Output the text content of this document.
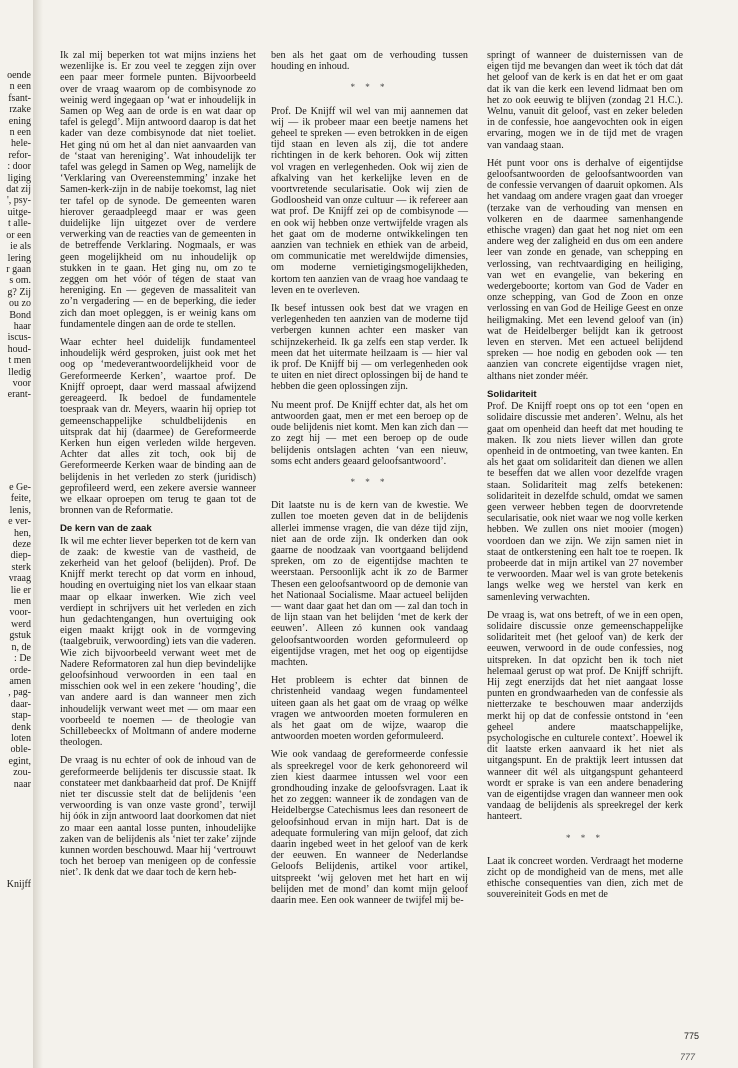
oende
n een
fsant-
rzake
ening
n een
hele-
refor-
: door
liging
dat zij
', psy-
uitge-
t alle-
or een
ie als
lering
r gaan
s om.
g? Zij
ou zo
Bond
haar
iscus-
houd-
t men
lledig
voor
erant-
e Ge-
feite,
lenis,
e ver-
hen,
deze
diep-
sterk
vraag
lie er
men
voor-
werd
gstuk
n, de
: De
orde-
amen
, pag-
daar-
stap-
denk
loten
oble-
egint,
zou-
naar
Knijff

Ik zal mij beperken tot wat mijns inziens het wezenlijke is. Er zou veel te zeggen zijn over een paar meer formele punten. Bijvoorbeeld over de vraag waarom op de combisynode zo weinig werd ingegaan op ‘wat er inhoudelijk in Samen op Weg aan de orde is en wat daar op tafel is gelegd’. Mijn antwoord daarop is dat het kader van deze combisynode dat niet toeliet. Het ging nú om het al dan niet aanvaarden van de ‘staat van hereniging’. Wat inhoudelijk ter tafel was gelegd in Samen op Weg, namelijk de ‘Verklaring van Overeenstemming’ inzake het Samen-kerk-zijn in de nabije toekomst, lag niet ter tafel op de synode. De gemeenten waren hierover geraadpleegd maar er was geen duidelijke lijn uitgezet over de verdere verwerking van de reacties van de gemeenten in de betreffende Verklaring. Nogmaals, er was geen mogelijkheid om nu inhoudelijk op stukken in te gaan. Het ging nu, om zo te zeggen om het vóór of tégen de staat van hereniging. En — gegeven de massaliteit van zo’n vergadering — en de beperking, die ieder zich dan moet opleggen, is er weinig kans om fundamentele dingen aan de orde te stellen.

Waar echter heel duidelijk fundamenteel inhoudelijk wérd gesproken, juist ook met het oog op ‘medeverantwoordelijkheid voor de Gereformeerde Kerken’, waartoe prof. De Knijff oproept, daar werd massaal afwijzend gereageerd. Ik bedoel de fundamentele toespraak van dr. Meyers, waarin hij opriep tot gemeenschappelijke schuldbelijdenis en uitsprak dat hij (daarmee) de Gereformeerde Kerken hun eigen verleden wilde hergeven. Achter dat alles zit toch, ook bij de Gereformeerde Kerken waar de binding aan de belijdenis in het verleden zo sterk (juridisch) geprofileerd werd, een zekere aversie wanneer we elkaar oproepen om terug te gaan tot de bronnen van de Reformatie.

De kern van de zaak

Ik wil me echter liever beperken tot de kern van de zaak: de kwestie van de vastheid, de zekerheid van het geloof (belijden). Prof. De Knijff merkt terecht op dat vorm en inhoud, houding en overtuiging niet los van elkaar staan maar op elkaar inwerken. Wie zich veel verdiept in schrijvers uit het verleden en zich hun gedachtengangen, hun overtuiging ook eigen maakt krijgt ook in de vormgeving (taalgebruik, verwoording) iets van die vaderen. Wie zich bijvoorbeeld verwant weet met de Nadere Reformatoren zal hun diep bevindelijke geloofsinhoud verwoorden in een taal en misschien ook wel in een zekere ‘houding’, die van andere aard is dan wanneer men zich inhoudelijk verwant weet met — om maar een voorbeeld te noemen — de theologie van Schillebeeckx of Moltmann of andere moderne theologen.

De vraag is nu echter of ook de inhoud van de gereformeerde belijdenis ter discussie staat. Ik constateer met dankbaarheid dat prof. De Knijff niet ter discussie stelt dat de belijdenis ‘een verwoording is van onze vaste grond’, terwijl hij óók in zijn antwoord laat doorkomen dat niet zo maar een aantal losse punten, inhoudelijke zaken van de belijdenis als ‘niet ter zake’ zijnde kunnen worden beschouwd. Maar hij ‘vertrouwt toch het beroep van menigeen op de confessie niet’. Ik denk dat we daar toch de kern heb-

ben als het gaat om de verhouding tussen houding en inhoud.

* * *

Prof. De Knijff wil wel van mij aannemen dat wij — ik probeer maar een beetje namens het geheel te spreken — even betrokken in de eigen tijd staan en leven als zij, die tot andere richtingen in de kerk behoren. Ook wij zitten vol vragen en verlegenheden. Ook wij zien de afkalving van het kerkelijke leven en de voortvretende secularisatie. Ook wij zien de Godloosheid van onze cultuur — ik refereer aan wat prof. De Knijff zei op de combisynode — en ook wij hebben onze vertwijfelde vragen als het gaat om de moderne ontwikkelingen ten aanzien van techniek en ethiek van de arbeid, om communicatie met wereldwijde dimensies, om moderne vernietigingsmogelijkheden, kortom ten aanzien van de vraag hoe vandaag te leven en te overleven.

Ik besef intussen ook best dat we vragen en verlegenheden ten aanzien van de moderne tijd verbergen kunnen achter een masker van schijnzekerheid. Ik ga zelfs een stap verder. Ik meen dat het uitermate heilzaam is — hier val ik prof. De Knijff bij — om verlegenheden ook te uiten en niet direct oplossingen bij de hand te hebben die geen oplossingen zijn.

Nu meent prof. De Knijff echter dat, als het om antwoorden gaat, men er met een beroep op de oude belijdenis niet komt. Men kan zich dan — zo zegt hij — met een beroep op de oude belijdenis ontslagen achten ‘van een nieuw, soms echt anders geaard geloofsantwoord’.

* * *

Dit laatste nu is de kern van de kwestie. We zullen toe moeten geven dat in de belijdenis allerlei immense vragen, die van déze tijd zijn, niet aan de orde zijn. Ik onderken dan ook gaarne de noodzaak van voortgaand belijdend spreken, om zo de eigentijdse machten te weerstaan. Persoonlijk acht ik zo de Barmer Thesen een geloofsantwoord op de demonie van het Nationaal Socialisme. Maar actueel belijden — want daar gaat het dan om — zal dan toch in de lijn staan van het belijden ‘met de kerk der eeuwen’. Alleen zó kunnen ook vandaag geloofsantwoorden worden geformuleerd op eigentijdse vragen, met het oog op eigentijdse machten.

Het probleem is echter dat binnen de christenheid vandaag wegen fundamenteel uiteen gaan als het gaat om de vraag op wélke vragen we antwoorden moeten formuleren en als het gaat om de wijze, waarop die antwoorden moeten worden geformuleerd.

Wie ook vandaag de gereformeerde confessie als spreekregel voor de kerk gehonoreerd wil zien kiest daarmee intussen wel voor een grondhouding inzake de geloofsvragen. Laat ik het zo zeggen: wanneer ik de zondagen van de Heidelbergse Catechismus lees dan resoneert de geloofsinhoud ervan in mijn hart. Dat is de adequate formulering van mijn geloof, dat zich daarin ingebed weet in het geloof van de kerk der eeuwen. En wanneer de Nederlandse Geloofs Belijdenis, artikel voor artikel, uitspreekt ‘wij geloven met het hart en wij belijden met de mond’ dan komt mijn geloof daarin mee. Een ook wanneer de twijfel mij be-

springt of wanneer de duisternissen van de eigen tijd me bevangen dan weet ik tóch dat dát het geloof van de kerk is en dat het er om gaat dat ik van die kerk een levend lidmaat ben om het zo ook eeuwig te blijven (zondag 21 H.C.). Welnu, vanuit dit geloof, vast en zeker beleden in de confessie, hoe aangevochten ook in eigen ervaring, mogen we in de tijd met de vragen van vandaag staan.

Hét punt voor ons is derhalve of eigentijdse geloofsantwoorden de geloofsantwoorden van de confessie vervangen of daaruit opkomen. Als het vandaag om andere vragen gaat dan vroeger (terzake van de verhouding van mensen en volkeren en de daarmee samenhangende ethische vragen) dan gaat het nog niet om een andere weg der zaligheid en dus om een andere leer van zonde en genade, van schepping en verlossing, van rechtvaardiging en heiliging, van wet en evangelie, van bekering en wedergeboorte; kortom van God de Vader en onze schepping, van God de Zoon en onze verlossing en van God de Heilige Geest en onze heiligmaking. Met een levend geloof van (in) wat de Heidelberger belijdt kan ik getroost leven en sterven. Met een actueel belijdend spreken — hoe nodig en geboden ook — ten aanzien van concrete eigentijdse vragen niet, althans niet zonder méér.

Solidariteit

Prof. De Knijff roept ons op tot een ‘open en solidaire discussie met anderen’. Welnu, als het gaat om openheid dan heeft dat met houding te maken. Ik zou niets liever willen dan grote openheid in de ontmoeting, van twee kanten. En als het gaat om solidariteit dan dienen we allen te beseffen dat we allen voor dezelfde vragen staan. Solidariteit mag zelfs betekenen: solidariteit in dezelfde schuld, omdat we samen geen verweer hebben tegen de doorvretende secularisatie, ook niet waar we nog volle kerken hebben. We zullen ons niet mooier (mogen) voordoen dan we zijn. We zijn samen niet in staat de ontkerstening een halt toe te roepen. Ik probeerde dat in mijn artikel van 27 november te verwoorden. Maar wel is van grote betekenis langs welke weg we herstel van kerk en samenleving verwachten.

De vraag is, wat ons betreft, of we in een open, solidaire discussie onze gemeenschappelijke solidariteit met (het geloof van) de kerk der eeuwen, verwoord in de oude confessies, nog uitspreken. In dat opzicht ben ik toch niet helemaal gerust op wat prof. De Knijff schrijft. Hij zegt enerzijds dat het niet aangaat losse punten en grondwaarheden van de confessie als nietterzake te beschouwen maar anderzijds merkt hij op dat de confessie ontstond in ‘een geheel andere maatschappelijke, psychologische en culturele context’. Hoewel ik dit laatste erken aanvaard ik het niet als uitgangspunt. En de praktijk leert intussen dat wanneer dit wél als uitgangspunt gehanteerd wordt er sprake is van een andere benadering van de eigentijdse vragen dan wanneer men ook vandaag de belijdenis als spreekregel der kerk hanteert.

* * *

Laat ik concreet worden. Verdraagt het moderne zicht op de mondigheid van de mens, met alle ethische consequenties van dien, zich met de souvereiniteit Gods en met de

775
777
